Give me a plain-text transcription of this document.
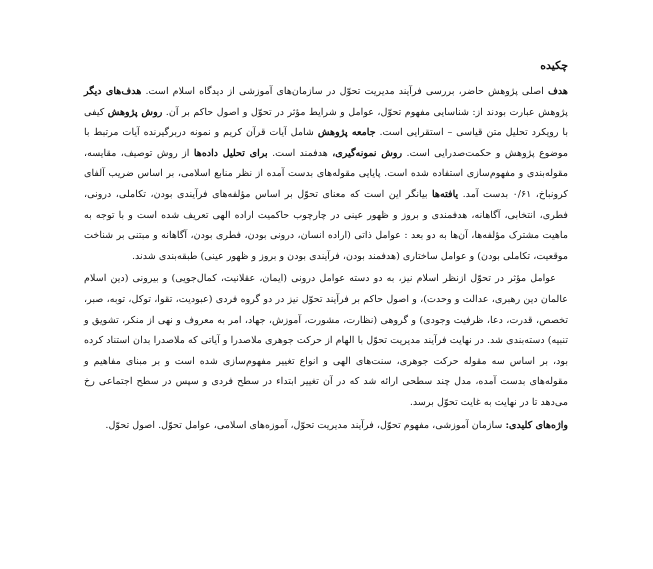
چکیده

هدف اصلی پژوهش حاضر، بررسی فرآیند مدیریت تحوّل در سازمان‌های آموزشی از دیدگاه اسلام است. هدف‌های دیگر پژوهش عبارت بودند از: شناسایی مفهوم تحوّل، عوامل و شرایط مؤثر در تحوّل و اصول حاکم بر آن. روش پژوهش کیفی با رویکرد تحلیل متن قیاسی – استقرایی است. جامعه پژوهش شامل آیات قرآن کریم و نمونه دربرگیرنده آیات مرتبط با موضوع پژوهش و حکمت‌صدرایی است. روش نمونه‌گیری، هدفمند است. برای تحلیل داده‌ها از روش توصیف، مقایسه، مقوله‌بندی و مفهوم‌سازی استفاده شده است. پایایی مقوله‌های بدست آمده از نظر منابع اسلامی، بر اساس ضریب آلفای کرونباخ، ۰/۶۱ بدست آمد. یافته‌ها بیانگر این است که معنای تحوّل بر اساس مؤلفه‌های فرآیندی بودن، تکاملی، درونی، فطری، انتخابی، آگاهانه، هدفمندی و بروز و ظهور عینی در چارچوب حاکمیت اراده الهی تعریف شده است و با توجه به ماهیت مشترک مؤلفه‌ها، آن‌ها به دو بعد : عوامل ذاتی (اراده انسان، درونی بودن، فطری بودن، آگاهانه و مبتنی بر شناخت موقعیت، تکاملی بودن) و عوامل ساختاری (هدفمند بودن، فرآیندی بودن و بروز و ظهور عینی) طبقه‌بندی شدند.

عوامل مؤثر در تحوّل ازنظر اسلام نیز، به دو دسته عوامل درونی (ایمان، عقلانیت، کمال‌جویی) و بیرونی (دین اسلام عالمان دین رهبری، عدالت و وحدت)، و اصول حاکم بر فرآیند تحوّل نیز در دو گروه فردی (عبودیت، تقوا، توکل، توبه، صبر، تخصص، قدرت، دعا، ظرفیت وجودی) و گروهی (نظارت، مشورت، آموزش، جهاد، امر به معروف و نهی از منکر، تشویق و تنبیه) دسته‌بندی شد. در نهایت فرآیند مدیریت تحوّل با الهام از حرکت جوهری ملاصدرا و آیاتی که ملاصدرا بدان استناد کرده بود، بر اساس سه مقوله حرکت جوهری، سنت‌های الهی و انواع تغییر مفهوم‌سازی شده است و بر مبنای مفاهیم و مقوله‌های بدست آمده، مدل چند سطحی ارائه شد که در آن تغییر ابتداء در سطح فردی و سپس در سطح اجتماعی رخ می‌دهد تا در نهایت به غایت تحوّل برسد.

واژه‌های کلیدی: سازمان آموزشی، مفهوم تحوّل، فرآیند مدیریت تحوّل، آموزه‌های اسلامی، عوامل تحوّل. اصول تحوّل.
